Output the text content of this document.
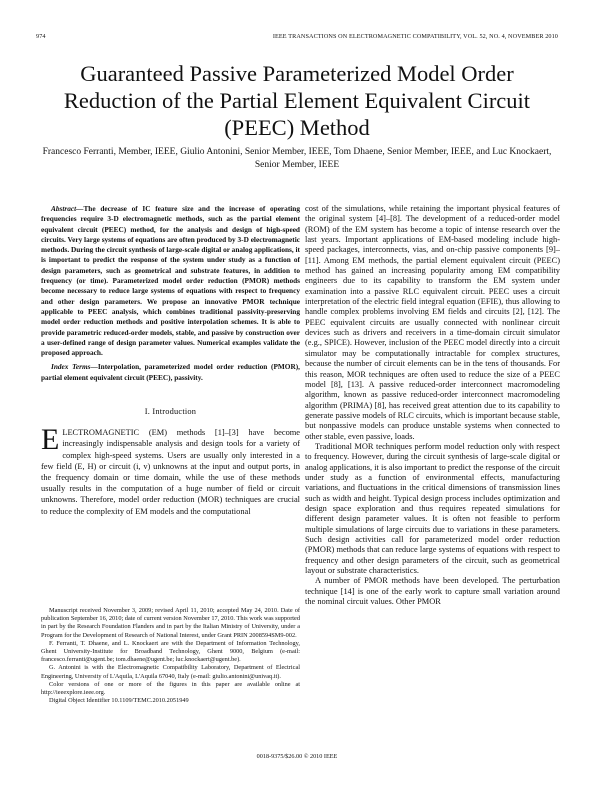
974	IEEE TRANSACTIONS ON ELECTROMAGNETIC COMPATIBILITY, VOL. 52, NO. 4, NOVEMBER 2010
Guaranteed Passive Parameterized Model Order Reduction of the Partial Element Equivalent Circuit (PEEC) Method
Francesco Ferranti, Member, IEEE, Giulio Antonini, Senior Member, IEEE, Tom Dhaene, Senior Member, IEEE, and Luc Knockaert, Senior Member, IEEE

Abstract—The decrease of IC feature size and the increase of operating frequencies require 3-D electromagnetic methods, such as the partial element equivalent circuit (PEEC) method, for the analysis and design of high-speed circuits. Very large systems of equations are often produced by 3-D electromagnetic methods. During the circuit synthesis of large-scale digital or analog applications, it is important to predict the response of the system under study as a function of design parameters, such as geometrical and substrate features, in addition to frequency (or time). Parameterized model order reduction (PMOR) methods become necessary to reduce large systems of equations with respect to frequency and other design parameters. We propose an innovative PMOR technique applicable to PEEC analysis, which combines traditional passivity-preserving model order reduction methods and positive interpolation schemes. It is able to provide parametric reduced-order models, stable, and passive by construction over a user-defined range of design parameter values. Numerical examples validate the proposed approach.

Index Terms—Interpolation, parameterized model order reduction (PMOR), partial element equivalent circuit (PEEC), passivity.

I. Introduction

ELECTROMAGNETIC (EM) methods [1]–[3] have become increasingly indispensable analysis and design tools for a variety of complex high-speed systems. Users are usually only interested in a few field (E, H) or circuit (i, v) unknowns at the input and output ports, in the frequency domain or time domain, while the use of these methods usually results in the computation of a huge number of field or circuit unknowns. Therefore, model order reduction (MOR) techniques are crucial to reduce the complexity of EM models and the computational

Manuscript received November 3, 2009; revised April 11, 2010; accepted May 24, 2010. Date of publication September 16, 2010; date of current version November 17, 2010. This work was supported in part by the Research Foundation Flanders and in part by the Italian Ministry of University, under a Program for the Development of Research of National Interest, under Grant PRIN 2008594SM9-002.

F. Ferranti, T. Dhaene, and L. Knockaert are with the Department of Information Technology, Ghent University-Institute for Broadband Technology, Ghent 9000, Belgium (e-mail: francesco.ferranti@ugent.be; tom.dhaene@ugent.be; luc.knockaert@ugent.be).

G. Antonini is with the Electromagnetic Compatibility Laboratory, Department of Electrical Engineering, University of L'Aquila, L'Aquila 67040, Italy (e-mail: giulio.antonini@univaq.it).

Color versions of one or more of the figures in this paper are available online at http://ieeexplore.ieee.org.

Digital Object Identifier 10.1109/TEMC.2010.2051949

cost of the simulations, while retaining the important physical features of the original system [4]–[8]. The development of a reduced-order model (ROM) of the EM system has become a topic of intense research over the last years. Important applications of EM-based modeling include high-speed packages, interconnects, vias, and on-chip passive components [9]–[11]. Among EM methods, the partial element equivalent circuit (PEEC) method has gained an increasing popularity among EM compatibility engineers due to its capability to transform the EM system under examination into a passive RLC equivalent circuit. PEEC uses a circuit interpretation of the electric field integral equation (EFIE), thus allowing to handle complex problems involving EM fields and circuits [2], [12]. The PEEC equivalent circuits are usually connected with nonlinear circuit devices such as drivers and receivers in a time-domain circuit simulator (e.g., SPICE). However, inclusion of the PEEC model directly into a circuit simulator may be computationally intractable for complex structures, because the number of circuit elements can be in the tens of thousands. For this reason, MOR techniques are often used to reduce the size of a PEEC model [8], [13]. A passive reduced-order interconnect macromodeling algorithm, known as passive reduced-order interconnect macromodeling algorithm (PRIMA) [8], has received great attention due to its capability to generate passive models of RLC circuits, which is important because stable, but nonpassive models can produce unstable systems when connected to other stable, even passive, loads.

Traditional MOR techniques perform model reduction only with respect to frequency. However, during the circuit synthesis of large-scale digital or analog applications, it is also important to predict the response of the circuit under study as a function of environmental effects, manufacturing variations, and fluctuations in the critical dimensions of transmission lines such as width and height. Typical design process includes optimization and design space exploration and thus requires repeated simulations for different design parameter values. It is often not feasible to perform multiple simulations of large circuits due to variations in these parameters. Such design activities call for parameterized model order reduction (PMOR) methods that can reduce large systems of equations with respect to frequency and other design parameters of the circuit, such as geometrical layout or substrate characteristics.

A number of PMOR methods have been developed. The perturbation technique [14] is one of the early work to capture small variation around the nominal circuit values. Other PMOR

0018-9375/$26.00 © 2010 IEEE
